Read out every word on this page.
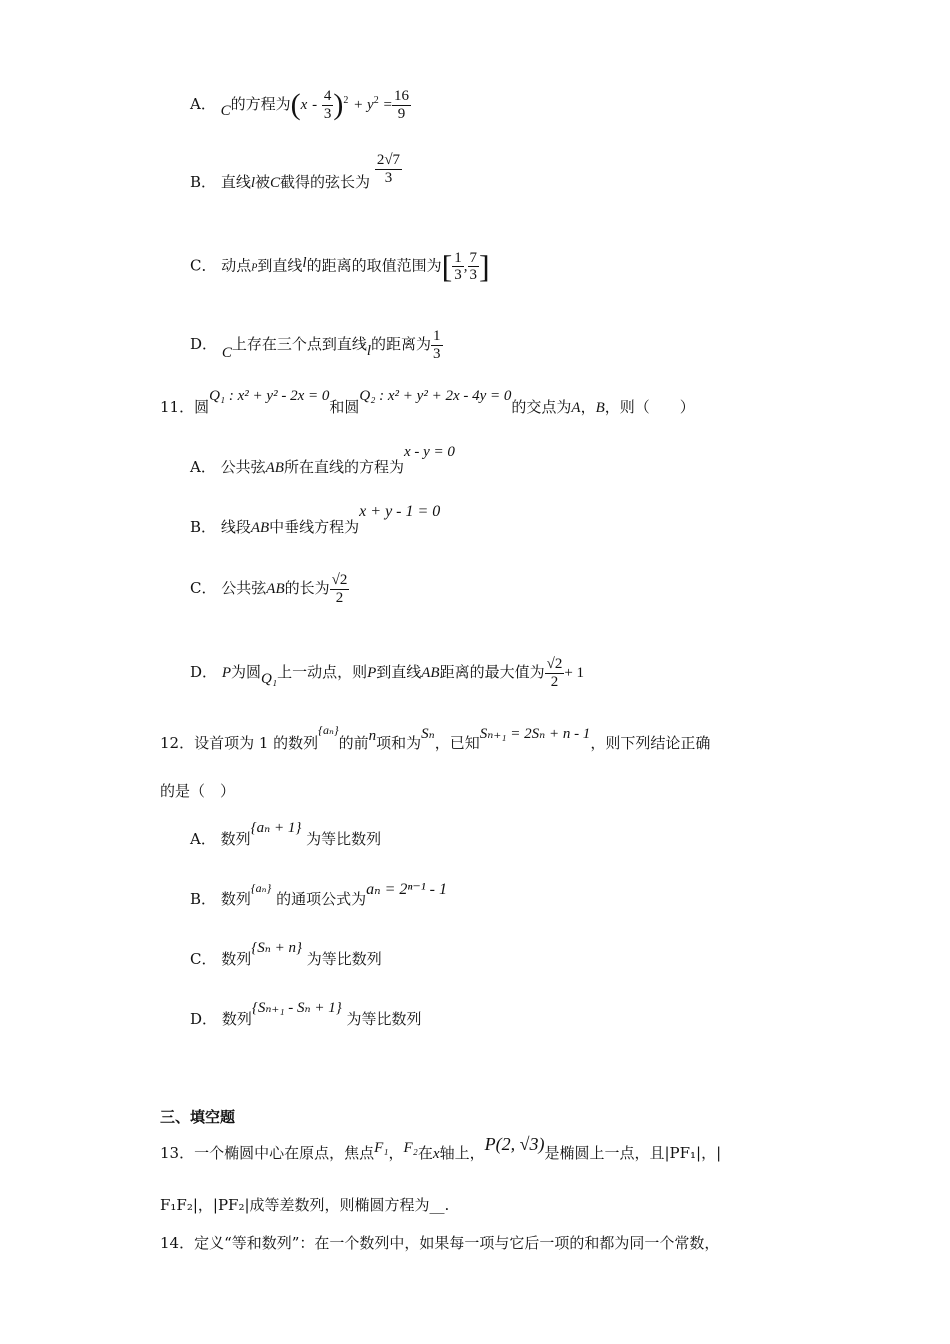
A． C的方程为$(x - \frac{4}{3} )^2 + y^2 = \frac{16}{9}$
B． 直线l被C截得的弦长为 $\frac{2√7}{3}$
C． 动点P到直线l的距离的取值范围为[ $\frac{1}{3}$ , $\frac{7}{3}$ ]
D． C上存在三个点到直线l的距离为 $\frac{1}{3}$
11．圆Q₁ : x² + y² - 2x = 0和圆Q₂ : x² + y² + 2x - 4y = 0的交点为A，B，则（　　）
A． 公共弦AB所在直线的方程为x - y = 0
B． 线段AB中垂线方程为x + y - 1 = 0
C． 公共弦AB的长为 $\frac{√2}{2}$
D． P为圆Q₁上一动点，则P到直线AB距离的最大值为 $\frac{√2}{2} + 1$
12．设首项为 1 的数列$^{\{a_n\}}$的前n项和为Sₙ，已知Sₙ₊₁ = 2Sₙ + n - 1，则下列结论正确
的是（　）
A． 数列{aₙ + 1} 为等比数列
B． 数列$^{\{a_n\}}$ 的通项公式为aₙ = 2ⁿ⁻¹ - 1
C． 数列{Sₙ + n} 为等比数列
D． 数列{Sₙ₊₁ - Sₙ + 1} 为等比数列
三、填空题
13．一个椭圆中心在原点，焦点F₁，F₂在x轴上，P(2, √3)是椭圆上一点，且|PF₁|，|
F₁F₂|，|PF₂|成等差数列，则椭圆方程为__.
14．定义“等和数列”：在一个数列中，如果每一项与它后一项的和都为同一个常数，
